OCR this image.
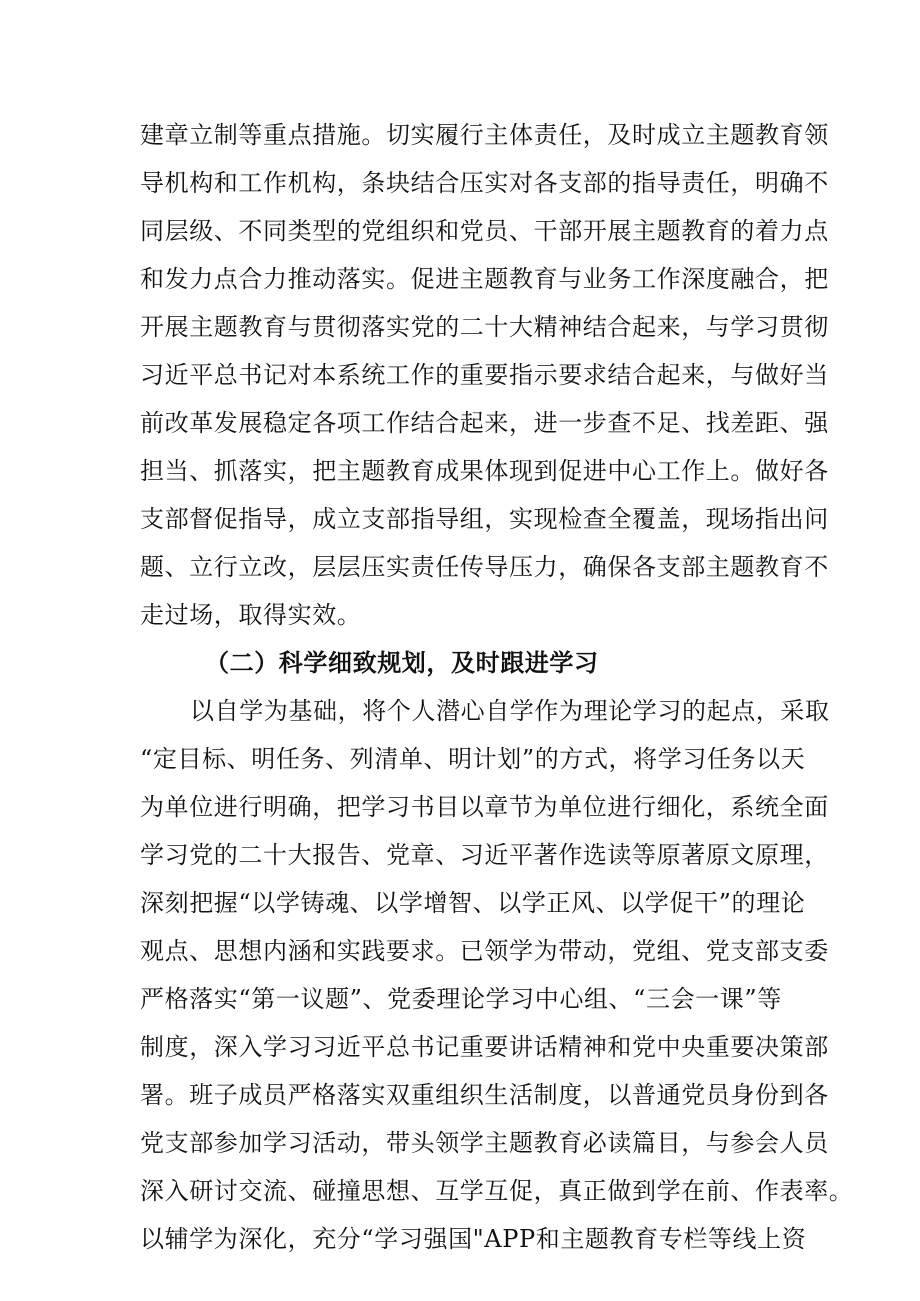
建章立制等重点措施。切实履行主体责任，及时成立主题教育领
导机构和工作机构，条块结合压实对各支部的指导责任，明确不
同层级、不同类型的党组织和党员、干部开展主题教育的着力点
和发力点合力推动落实。促进主题教育与业务工作深度融合，把
开展主题教育与贯彻落实党的二十大精神结合起来，与学习贯彻
习近平总书记对本系统工作的重要指示要求结合起来，与做好当
前改革发展稳定各项工作结合起来，进一步查不足、找差距、强
担当、抓落实，把主题教育成果体现到促进中心工作上。做好各
支部督促指导，成立支部指导组，实现检查全覆盖，现场指出问
题、立行立改，层层压实责任传导压力，确保各支部主题教育不
走过场，取得实效。
（二）科学细致规划，及时跟进学习
以自学为基础，将个人潜心自学作为理论学习的起点，采取
“定目标、明任务、列清单、明计划”的方式，将学习任务以天
为单位进行明确，把学习书目以章节为单位进行细化，系统全面
学习党的二十大报告、党章、习近平著作选读等原著原文原理，
深刻把握“以学铸魂、以学增智、以学正风、以学促干”的理论
观点、思想内涵和实践要求。已领学为带动，党组、党支部支委
严格落实“第一议题”、党委理论学习中心组、“三会一课”等
制度，深入学习习近平总书记重要讲话精神和党中央重要决策部
署。班子成员严格落实双重组织生活制度，以普通党员身份到各
党支部参加学习活动，带头领学主题教育必读篇目，与参会人员
深入研讨交流、碰撞思想、互学互促，真正做到学在前、作表率。
以辅学为深化，充分“学习强国"APP和主题教育专栏等线上资
